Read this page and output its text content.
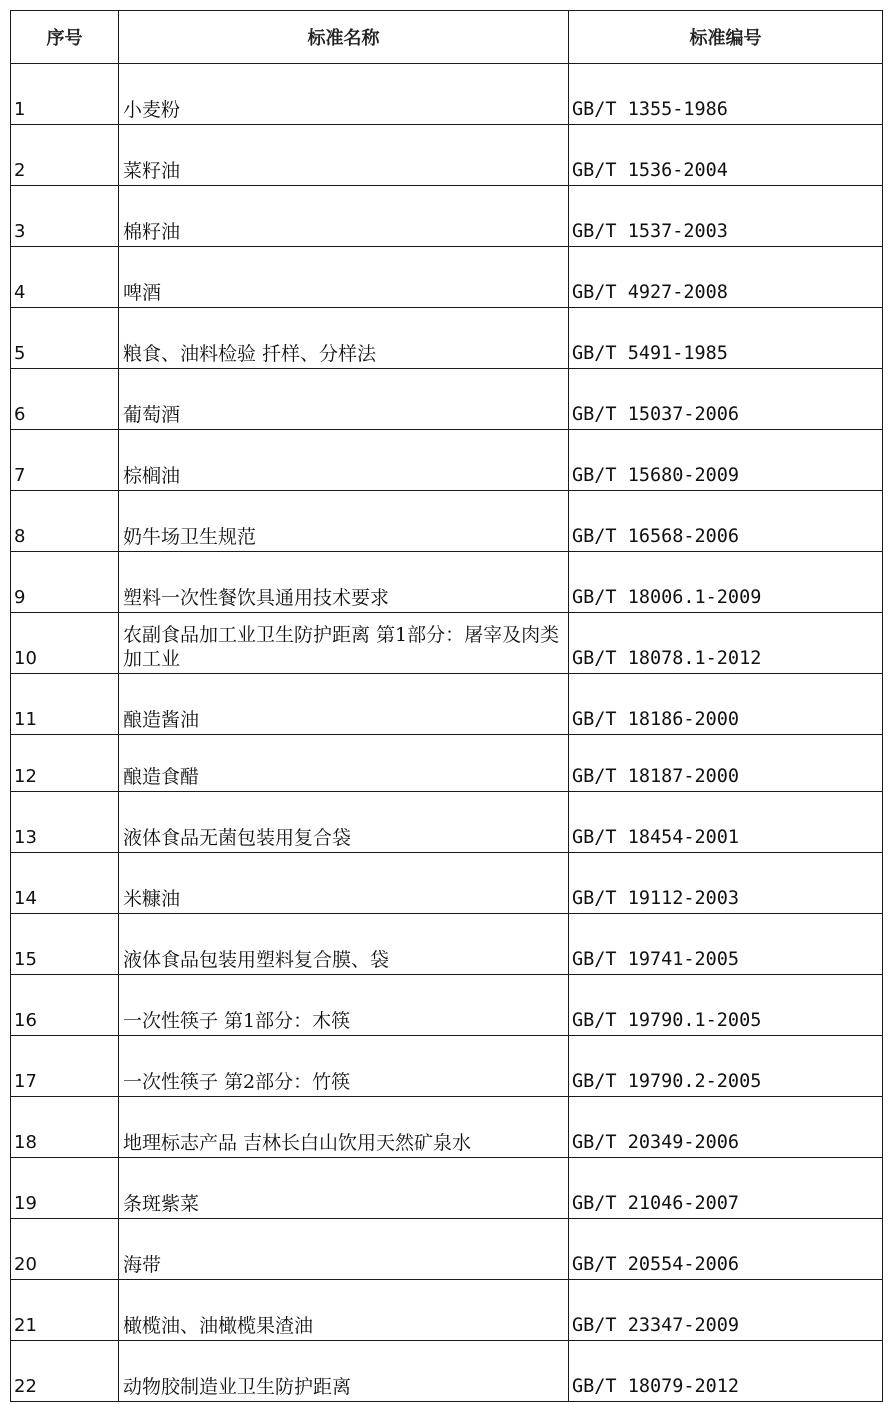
序号	标准名称	标准编号
1	小麦粉	GB/T 1355-1986
2	菜籽油	GB/T 1536-2004
3	棉籽油	GB/T 1537-2003
4	啤酒	GB/T 4927-2008
5	粮食、油料检验 扦样、分样法	GB/T 5491-1985
6	葡萄酒	GB/T 15037-2006
7	棕榈油	GB/T 15680-2009
8	奶牛场卫生规范	GB/T 16568-2006
9	塑料一次性餐饮具通用技术要求	GB/T 18006.1-2009
10	农副食品加工业卫生防护距离 第1部分：屠宰及肉类加工业	GB/T 18078.1-2012
11	酿造酱油	GB/T 18186-2000
12	酿造食醋	GB/T 18187-2000
13	液体食品无菌包装用复合袋	GB/T 18454-2001
14	米糠油	GB/T 19112-2003
15	液体食品包装用塑料复合膜、袋	GB/T 19741-2005
16	一次性筷子 第1部分：木筷	GB/T 19790.1-2005
17	一次性筷子 第2部分：竹筷	GB/T 19790.2-2005
18	地理标志产品 吉林长白山饮用天然矿泉水	GB/T 20349-2006
19	条斑紫菜	GB/T 21046-2007
20	海带	GB/T 20554-2006
21	橄榄油、油橄榄果渣油	GB/T 23347-2009
22	动物胶制造业卫生防护距离	GB/T 18079-2012
